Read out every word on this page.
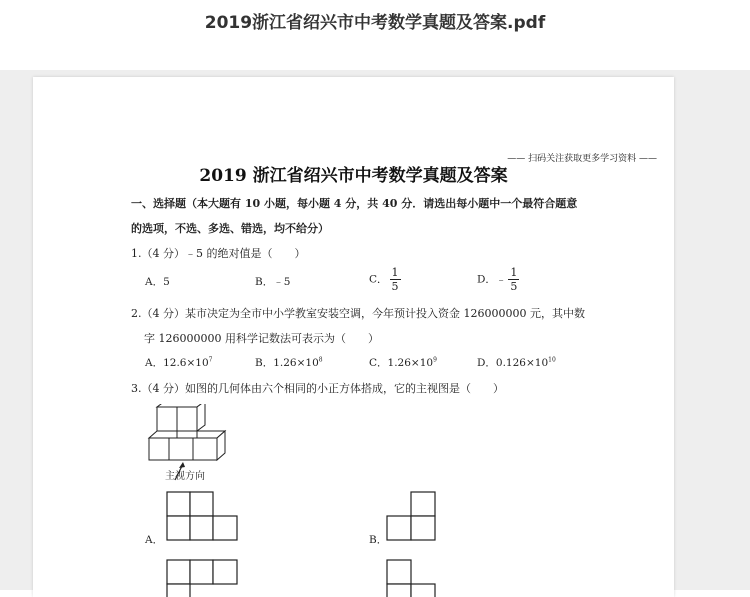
2019浙江省绍兴市中考数学真题及答案.pdf
—— 扫码关注获取更多学习资料 ——
2019 浙江省绍兴市中考数学真题及答案
一、选择题（本大题有 10 小题，每小题 4 分，共 40 分．请选出每小题中一个最符合题意
的选项，不选、多选、错选，均不给分）
1.（4 分）﹣5 的绝对值是（　　）
A．5	B．﹣5	C． $\frac{1}{5}$	D．﹣ $\frac{1}{5}$
2.（4 分）某市决定为全市中小学教室安装空调，今年预计投入资金 126000000 元，其中数
字 126000000 用科学记数法可表示为（　　）
A．$12.6\times 10^7$	B．$1.26\times 10^8$	C．$1.26\times 10^9$	D．$0.126\times 10^{10}$
3.（4 分）如图的几何体由六个相同的小正方体搭成，它的主视图是（　　）
主视方向
A．	B．
